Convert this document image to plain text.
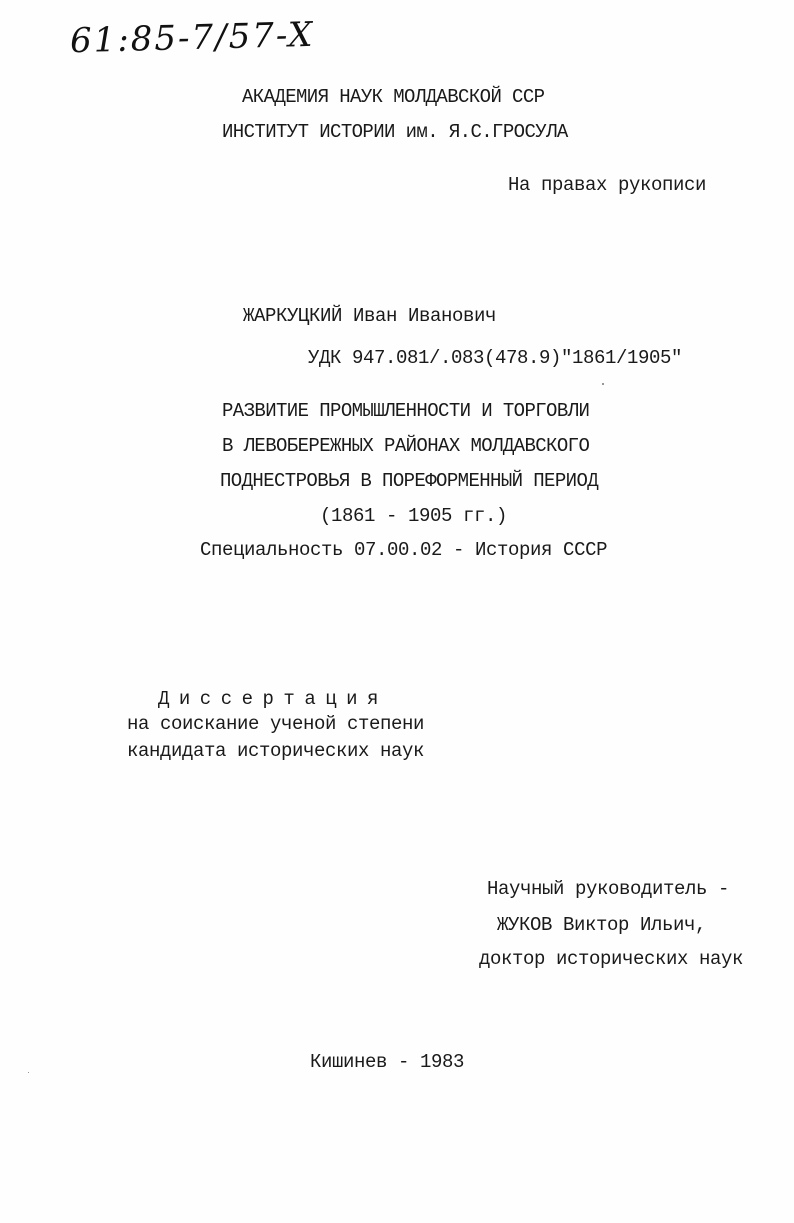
61:85-7/57-X
АКАДЕМИЯ НАУК МОЛДАВСКОЙ ССР
ИНСТИТУТ ИСТОРИИ им. Я.С.ГРОСУЛА
На правах рукописи
ЖАРКУЦКИЙ Иван Иванович
УДК 947.081/.083(478.9)"1861/1905"
РАЗВИТИЕ ПРОМЫШЛЕННОСТИ И ТОРГОВЛИ
В ЛЕВОБЕРЕЖНЫХ РАЙОНАХ МОЛДАВСКОГО
ПОДНЕСТРОВЬЯ В ПОРЕФОРМЕННЫЙ ПЕРИОД
(1861 - 1905 гг.)
Специальность 07.00.02 - История СССР
Диссертация
на соискание ученой степени
кандидата исторических наук
Научный руководитель -
ЖУКОВ Виктор Ильич,
доктор исторических наук
Кишинев - 1983
